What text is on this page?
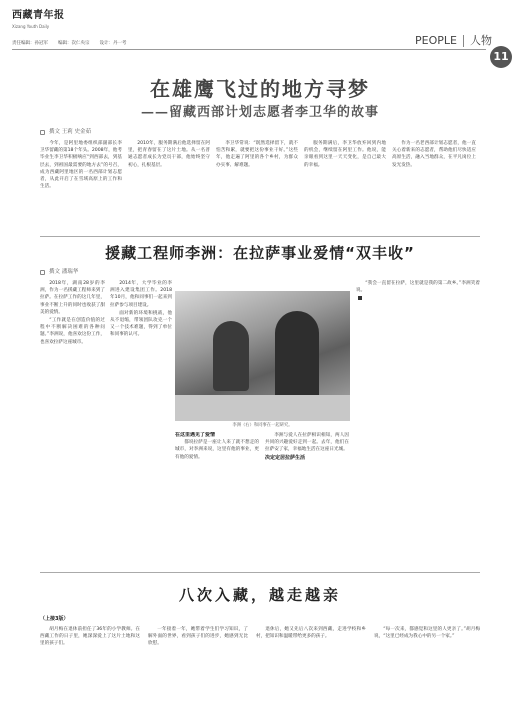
西藏青年报
Xizang Youth Daily
责任编辑：孙冠军 编辑：次仁央宗 设计：丹一考	PEOPLE 人物
11
在雄鹰飞过的地方寻梦
——留藏西部计划志愿者李卫华的故事
撰文 王莉 史金茹

今年，是阿里地委组织部副部长李卫华留藏的第18个年头。2008年，他考毕业生李卫华积极响应“到西部去，到基层去，到祖国最需要的地方去”的号召，成为西藏阿里地区的一名西部计划志愿者，从此开启了在雪域高原上的工作和生活。

2010年，服务期满后他选择留在阿里，把青春留在了这片土地。从一名普通志愿者成长为党员干部，他始终坚守初心，扎根基层。

李卫华常说：“既然选择留下，就不怕苦和累，就要把这份事业干好。”这些年，他走遍了阿里的各个乡村，为群众办实事、解难题。

服务期满后，李卫华放弃回到内地的机会，继续留在阿里工作。他说，能亲眼看到这里一天天变化，是自己最大的幸福。

作为一名老西部计划志愿者，他一直关心着新来的志愿者，帮助他们尽快适应高原生活，融入当地群众，在平凡岗位上发光发热。

援藏工程师李洲：在拉萨事业爱情“双丰收”
撰文 潘瑞华

2018年，湖南28岁的李洲，作为一名援藏工程师来到了拉萨。在拉萨工作的这几年里，事业不断上升的同时也收获了甜美的爱情。

“工作就是在创造价值的过程中不断解决困难的各种问题。”李洲说，他喜欢这份工作，也喜欢拉萨这座城市。

2014年，大学毕业的李洲进入建设集团工作。2018年10月，他和同事们一起来到拉萨参与项目建设。

面对新的环境和挑战，他从不退缩，带领团队攻克一个又一个技术难题，得到了单位和同事的认可。

李洲（右）和同事在一起研究。
在这里遇见了爱情

都说拉萨是一座让人来了就不想走的城市，对李洲来说，这里有他的事业，更有他的爱情。

李洲与爱人在拉萨相识相知，两人因共同的兴趣爱好走到一起。去年，他们在拉萨安了家，幸福地生活在这座日光城。

决定定居拉萨生活

“我会一直留在拉萨，这里就是我的第二故乡。”李洲笑着说。

八次入藏，越走越亲
（上接3版）

胡月梅在退休前担任了36年的小学教师。在西藏工作的日子里，她深深爱上了这片土地和这里的孩子们。

一年接着一年，她带着学生们学习知识，了解外面的世界，看到孩子们的进步，她感到无比欣慰。

退休后，她又先后八次来到西藏，走进学校和乡村，把知识和温暖带给更多的孩子。

“每一次来，都感觉和这里的人更亲了。”胡月梅说，“这里已经成为我心中的另一个家。”
